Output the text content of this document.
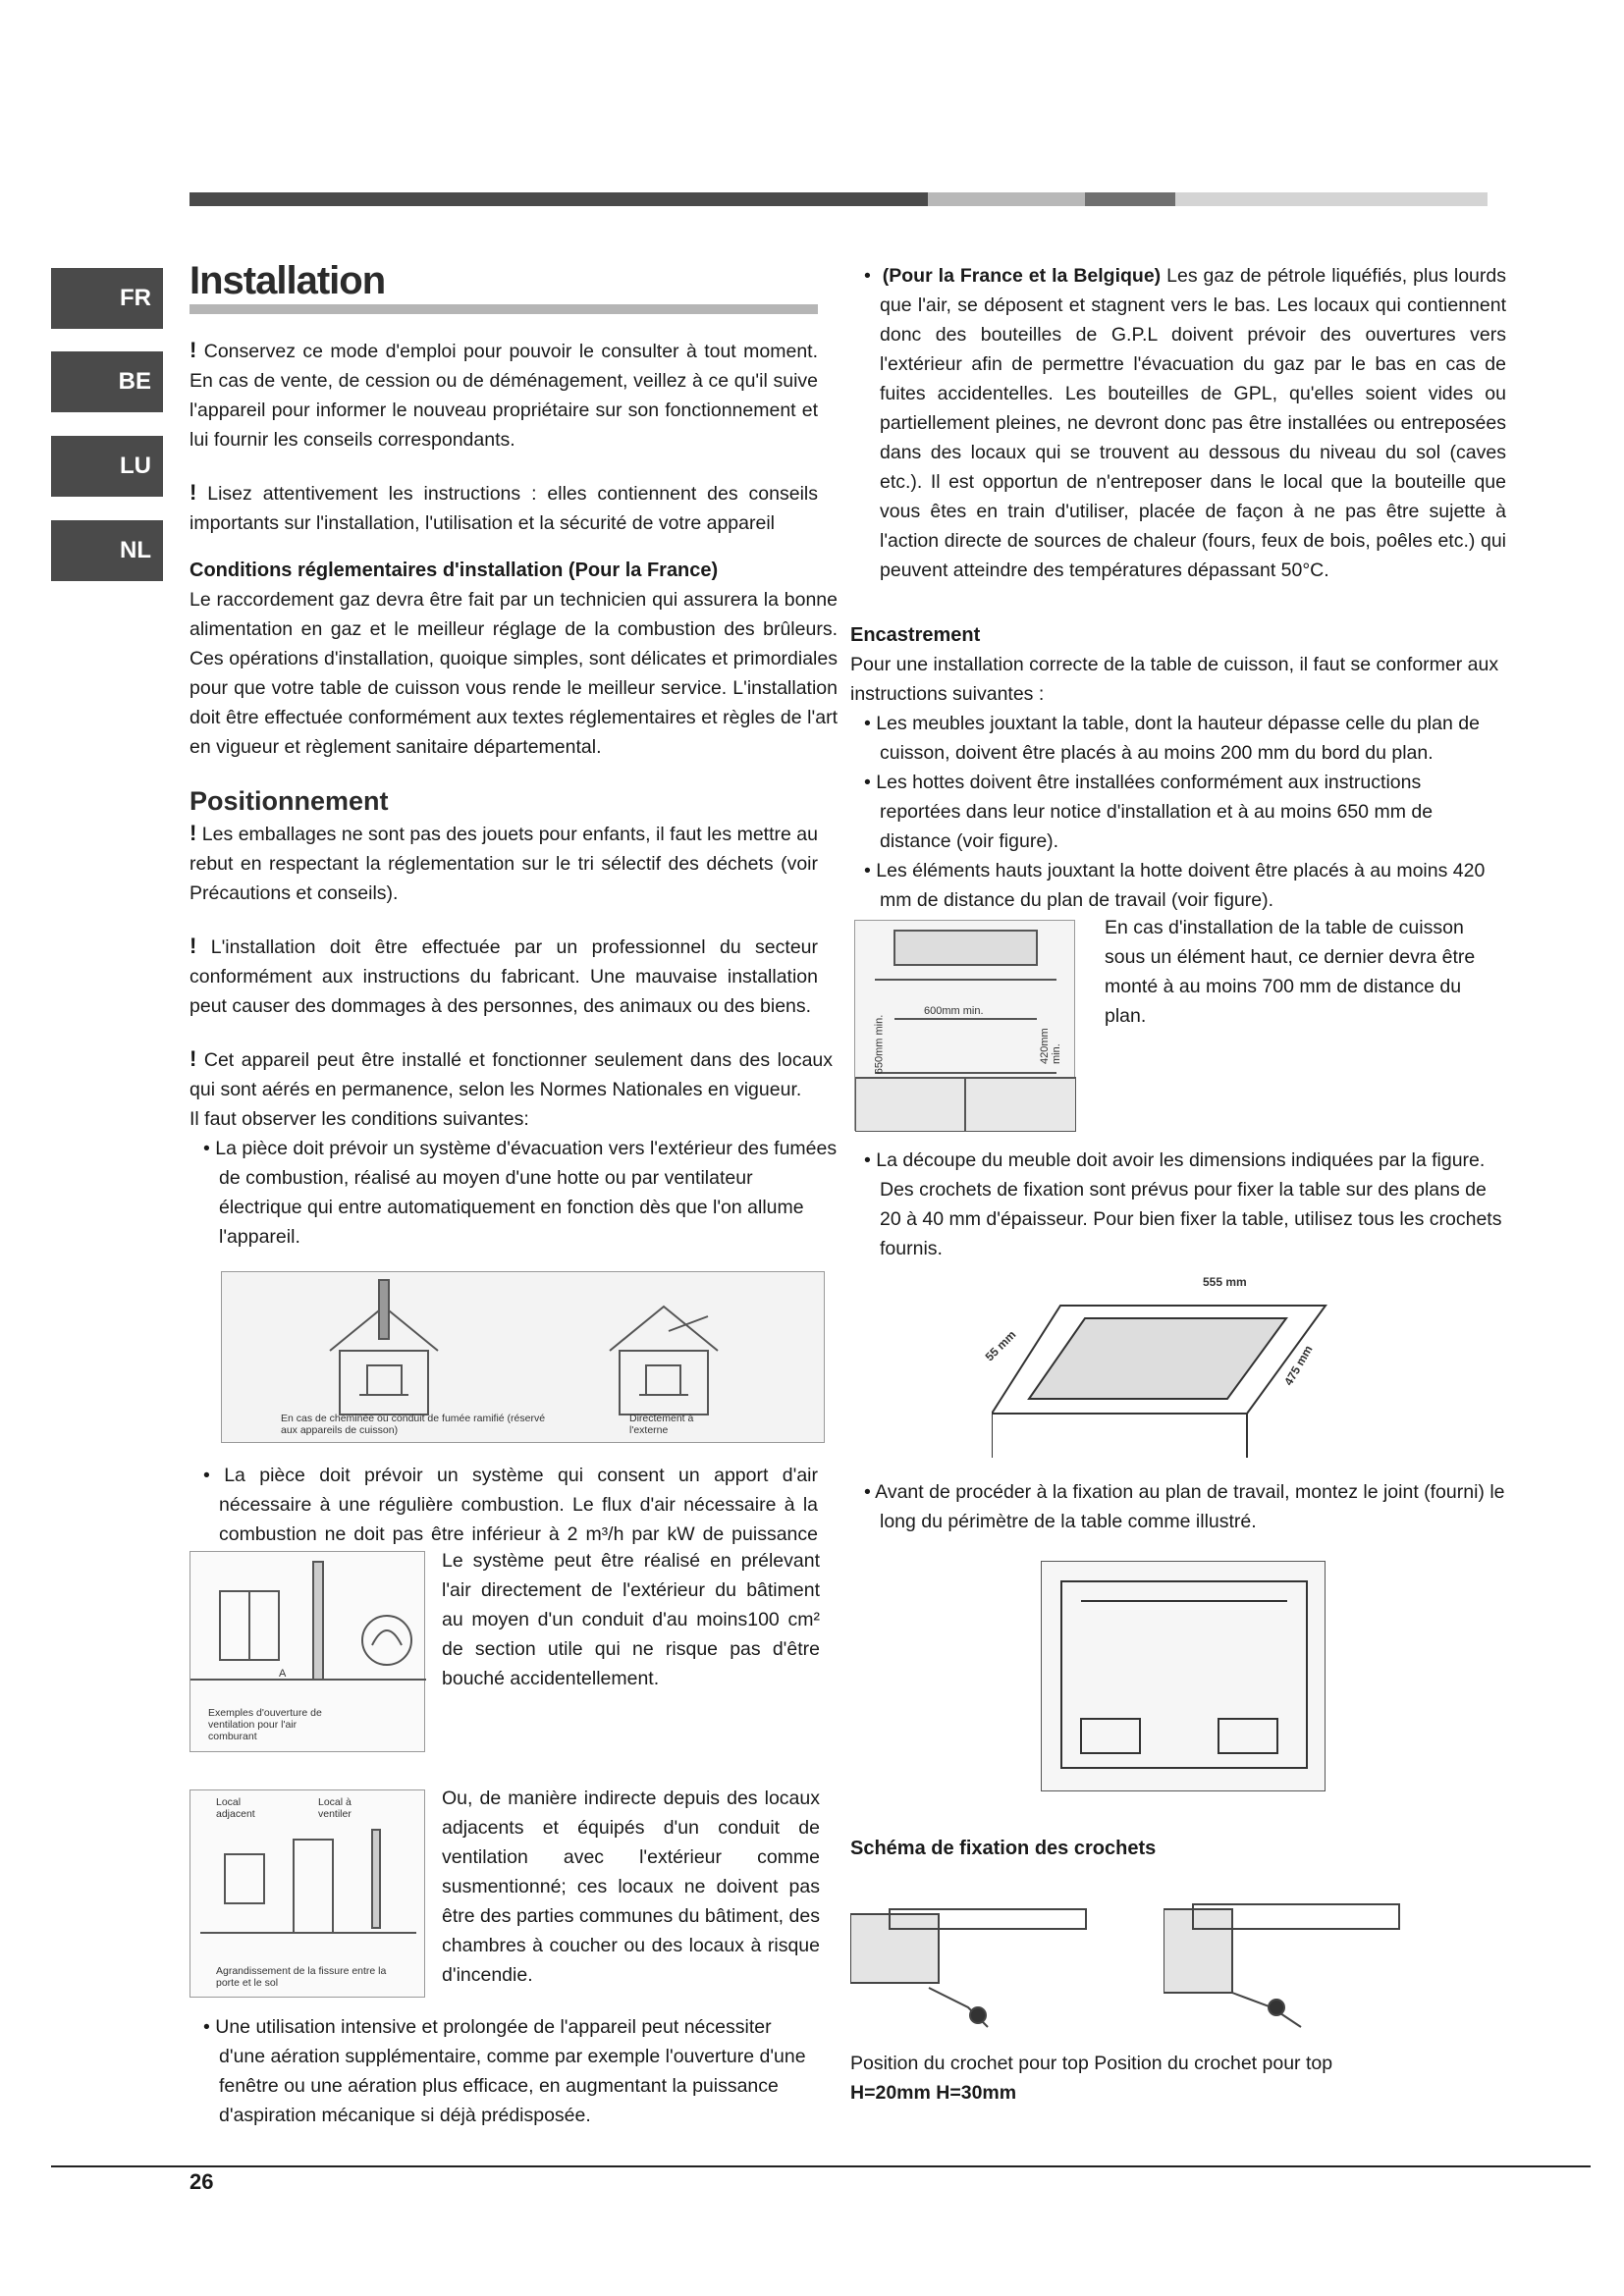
FR
BE
LU
NL
Installation

! Conservez ce mode d'emploi pour pouvoir le consulter à tout moment. En cas de vente, de cession ou de déménagement, veillez à ce qu'il suive l'appareil pour informer le nouveau propriétaire sur son fonctionnement et lui fournir les conseils correspondants.

! Lisez attentivement les instructions : elles contiennent des conseils importants sur l'installation, l'utilisation et la sécurité de votre appareil

Conditions réglementaires d'installation (Pour la France)

Le raccordement gaz devra être fait par un technicien qui assurera la bonne alimentation en gaz et le meilleur réglage de la combustion des brûleurs. Ces opérations d'installation, quoique simples, sont délicates et primordiales pour que votre table de cuisson vous rende le meilleur service. L'installation doit être effectuée conformément aux textes réglementaires et règles de l'art en vigueur et règlement sanitaire départemental.

Positionnement

! Les emballages ne sont pas des jouets pour enfants, il faut les mettre au rebut en respectant la réglementation sur le tri sélectif des déchets (voir Précautions et conseils).

! L'installation doit être effectuée par un professionnel du secteur conformément aux instructions du fabricant. Une mauvaise installation peut causer des dommages à des personnes, des animaux ou des biens.

! Cet appareil peut être installé et fonctionner seulement dans des locaux qui sont aérés en permanence, selon les Normes Nationales en vigueur.

Il faut observer les conditions suivantes:

• La pièce doit prévoir un système d'évacuation vers l'extérieur des fumées de combustion, réalisé au moyen d'une hotte ou par ventilateur électrique qui entre automatiquement en fonction dès que l'on allume l'appareil.

En cas de cheminée ou conduit de fumée ramifié (réservé aux appareils de cuisson)
Directement à l'externe

• La pièce doit prévoir un système qui consent un apport d'air nécessaire à une régulière combustion. Le flux d'air nécessaire à la combustion ne doit pas être inférieur à 2 m³/h par kW de puissance

A
Exemples d'ouverture de ventilation pour l'air comburant
Le système peut être réalisé en prélevant l'air directement de l'extérieur du bâtiment au moyen d'un conduit d'au moins100 cm² de section utile qui ne risque pas d'être bouché accidentellement.
Local adjacent
Local à ventiler
Agrandissement de la fissure entre la porte et le sol
Ou, de manière indirecte depuis des locaux adjacents et équipés d'un conduit de ventilation avec l'extérieur comme susmentionné; ces locaux ne doivent pas être des parties communes du bâtiment, des chambres à coucher ou des locaux à risque d'incendie.

• Une utilisation intensive et prolongée de l'appareil peut nécessiter d'une aération supplémentaire, comme par exemple l'ouverture d'une fenêtre ou une aération plus efficace, en augmentant la puissance d'aspiration mécanique si déjà prédisposée.

•  (Pour la France et la Belgique) Les gaz de pétrole liquéfiés, plus lourds que l'air, se déposent et stagnent vers le bas. Les locaux qui contiennent donc des bouteilles de G.P.L doivent prévoir des ouvertures vers l'extérieur afin de permettre l'évacuation du gaz par le bas en cas de fuites accidentelles. Les bouteilles de GPL, qu'elles soient vides ou partiellement pleines, ne devront donc pas être installées ou entreposées dans des locaux qui se trouvent au dessous du niveau du sol (caves etc.). Il est opportun de n'entreposer dans le local que la bouteille que vous êtes en train d'utiliser, placée de façon à ne pas être sujette à l'action directe de sources de chaleur (fours, feux de bois, poêles etc.) qui peuvent atteindre des températures dépassant 50°C.

Encastrement

Pour une installation correcte de la table de cuisson, il faut se conformer aux instructions suivantes :

• Les meubles jouxtant la table, dont la hauteur dépasse celle du plan de cuisson, doivent être placés à au moins 200 mm du bord du plan.

• Les hottes doivent être installées conformément aux instructions reportées dans leur notice d'installation et à au moins 650 mm de distance (voir figure).

• Les éléments hauts jouxtant la hotte doivent être placés à au moins 420 mm de distance du plan de travail (voir figure).

600mm min.
650mm min.	420mm min.
En cas d'installation de la table de cuisson sous un élément haut, ce dernier devra être monté à au moins 700 mm de distance du plan.

• La découpe du meuble doit avoir les dimensions indiquées par la figure.

Des crochets de fixation sont prévus pour fixer la table sur des plans de 20 à 40 mm d'épaisseur. Pour bien fixer la table, utilisez tous les crochets fournis.

555 mm
55 mm	475 mm

• Avant de procéder à la fixation au plan de travail, montez le joint (fourni) le long du périmètre de la table comme illustré.

Schéma de fixation des crochets

Position du crochet pour top Position du crochet pour top

H=20mm H=30mm

26
